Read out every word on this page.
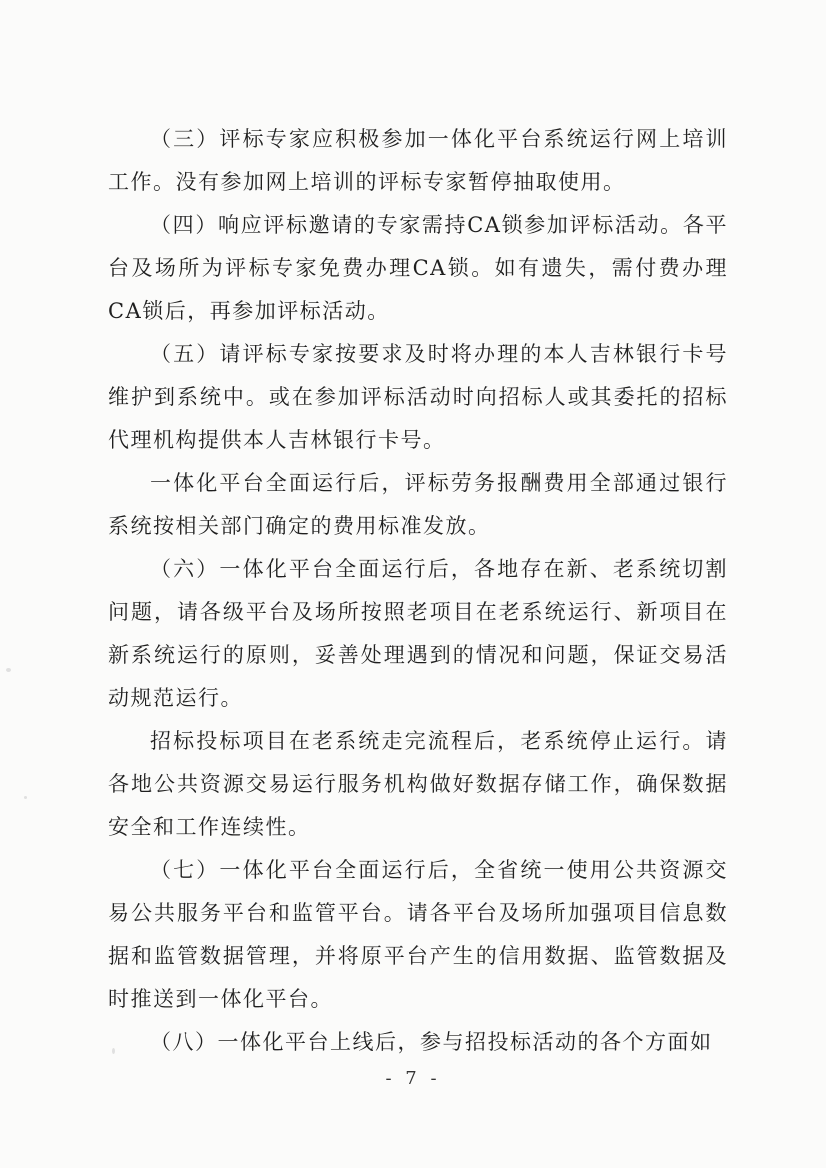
（三）评标专家应积极参加一体化平台系统运行网上培训工作。没有参加网上培训的评标专家暂停抽取使用。

（四）响应评标邀请的专家需持CA锁参加评标活动。各平台及场所为评标专家免费办理CA锁。如有遗失，需付费办理CA锁后，再参加评标活动。

（五）请评标专家按要求及时将办理的本人吉林银行卡号维护到系统中。或在参加评标活动时向招标人或其委托的招标代理机构提供本人吉林银行卡号。

一体化平台全面运行后，评标劳务报酬费用全部通过银行系统按相关部门确定的费用标准发放。

（六）一体化平台全面运行后，各地存在新、老系统切割问题，请各级平台及场所按照老项目在老系统运行、新项目在新系统运行的原则，妥善处理遇到的情况和问题，保证交易活动规范运行。

招标投标项目在老系统走完流程后，老系统停止运行。请各地公共资源交易运行服务机构做好数据存储工作，确保数据安全和工作连续性。

（七）一体化平台全面运行后，全省统一使用公共资源交易公共服务平台和监管平台。请各平台及场所加强项目信息数据和监管数据管理，并将原平台产生的信用数据、监管数据及时推送到一体化平台。

（八）一体化平台上线后，参与招投标活动的各个方面如

- 7 -
